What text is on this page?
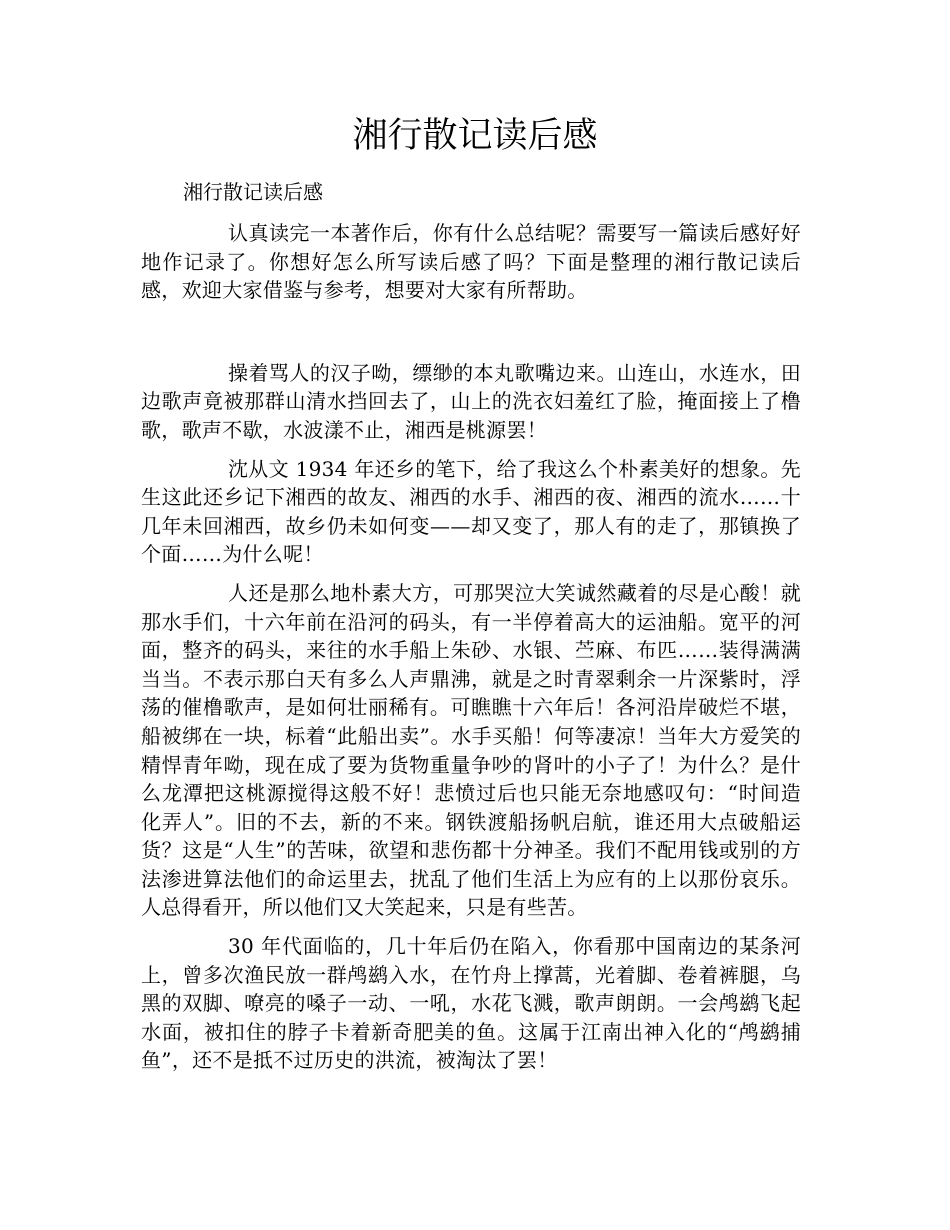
湘行散记读后感
湘行散记读后感

认真读完一本著作后，你有什么总结呢？需要写一篇读后感好好地作记录了。你想好怎么所写读后感了吗？下面是整理的湘行散记读后感，欢迎大家借鉴与参考，想要对大家有所帮助。

操着骂人的汉子呦，缥缈的本丸歌嘴边来。山连山，水连水，田边歌声竟被那群山清水挡回去了，山上的洗衣妇羞红了脸，掩面接上了橹歌，歌声不歇，水波漾不止，湘西是桃源罢！

沈从文 1934 年还乡的笔下，给了我这么个朴素美好的想象。先生这此还乡记下湘西的故友、湘西的水手、湘西的夜、湘西的流水……十几年未回湘西，故乡仍未如何变——却又变了，那人有的走了，那镇换了个面……为什么呢！

人还是那么地朴素大方，可那哭泣大笑诚然藏着的尽是心酸！就那水手们，十六年前在沿河的码头，有一半停着高大的运油船。宽平的河面，整齐的码头，来往的水手船上朱砂、水银、苎麻、布匹……装得满满当当。不表示那白天有多么人声鼎沸，就是之时青翠剩余一片深紫时，浮荡的催橹歌声，是如何壮丽稀有。可瞧瞧十六年后！各河沿岸破烂不堪，船被绑在一块，标着“此船出卖”。水手买船！何等凄凉！当年大方爱笑的精悍青年呦，现在成了要为货物重量争吵的肾叶的小子了！为什么？是什么龙潭把这桃源搅得这般不好！悲愤过后也只能无奈地感叹句：“时间造化弄人”。旧的不去，新的不来。钢铁渡船扬帆启航，谁还用大点破船运货？这是“人生”的苦味，欲望和悲伤都十分神圣。我们不配用钱或别的方法渗进算法他们的命运里去，扰乱了他们生活上为应有的上以那份哀乐。人总得看开，所以他们又大笑起来，只是有些苦。

30 年代面临的，几十年后仍在陷入，你看那中国南边的某条河上，曾多次渔民放一群鸬鹚入水，在竹舟上撑蒿，光着脚、卷着裤腿，乌黑的双脚、嘹亮的嗓子一动、一吼，水花飞溅，歌声朗朗。一会鸬鹚飞起水面，被扣住的脖子卡着新奇肥美的鱼。这属于江南出神入化的“鸬鹚捕鱼”，还不是抵不过历史的洪流，被淘汰了罢！
